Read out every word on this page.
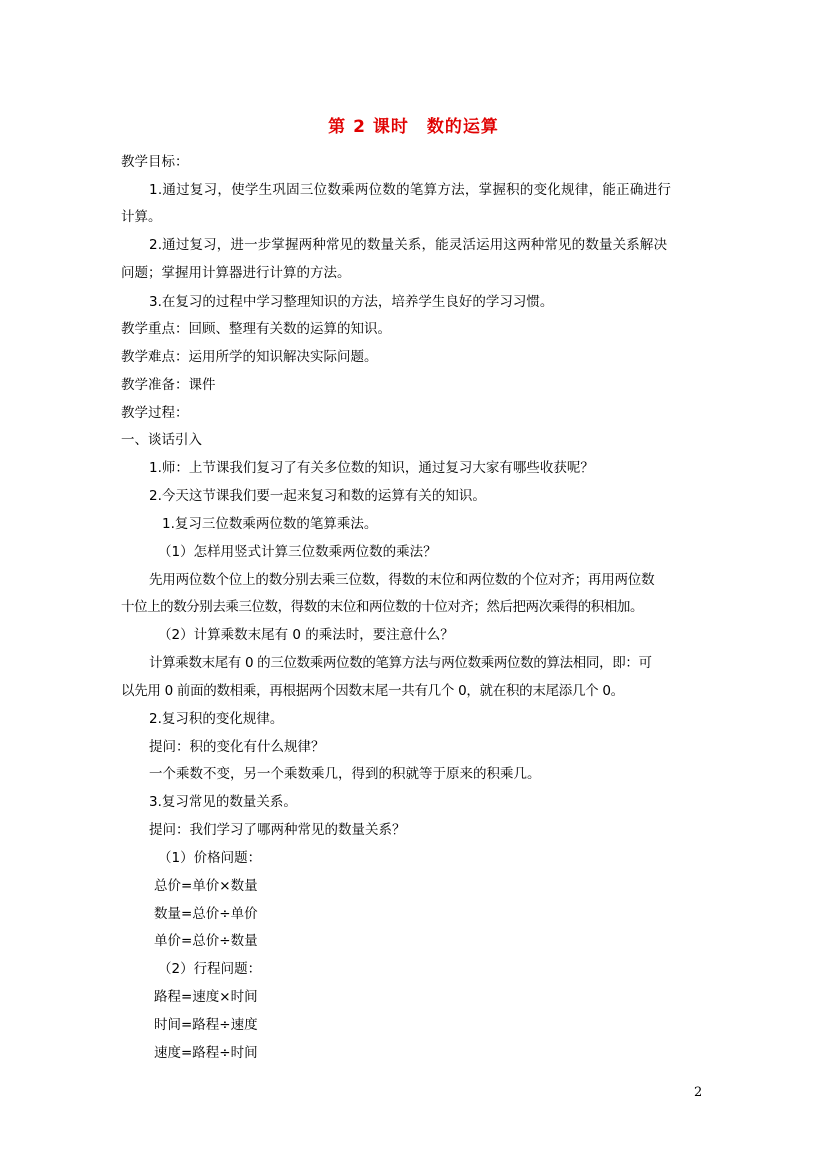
第 2 课时　数的运算
教学目标：
1.通过复习，使学生巩固三位数乘两位数的笔算方法，掌握积的变化规律，能正确进行
计算。
2.通过复习，进一步掌握两种常见的数量关系，能灵活运用这两种常见的数量关系解决
问题；掌握用计算器进行计算的方法。
3.在复习的过程中学习整理知识的方法，培养学生良好的学习习惯。
教学重点：回顾、整理有关数的运算的知识。
教学难点：运用所学的知识解决实际问题。
教学准备：课件
教学过程：
一、谈话引入
1.师：上节课我们复习了有关多位数的知识，通过复习大家有哪些收获呢？
2.今天这节课我们要一起来复习和数的运算有关的知识。
1.复习三位数乘两位数的笔算乘法。
（1）怎样用竖式计算三位数乘两位数的乘法？
先用两位数个位上的数分别去乘三位数，得数的末位和两位数的个位对齐；再用两位数
十位上的数分别去乘三位数，得数的末位和两位数的十位对齐；然后把两次乘得的积相加。
（2）计算乘数末尾有 0 的乘法时，要注意什么？
计算乘数末尾有 0 的三位数乘两位数的笔算方法与两位数乘两位数的算法相同，即：可
以先用 0 前面的数相乘，再根据两个因数末尾一共有几个 0，就在积的末尾添几个 0。
2.复习积的变化规律。
提问：积的变化有什么规律？
一个乘数不变，另一个乘数乘几，得到的积就等于原来的积乘几。
3.复习常见的数量关系。
提问：我们学习了哪两种常见的数量关系？
（1）价格问题：
总价=单价×数量
数量=总价÷单价
单价=总价÷数量
（2）行程问题：
路程=速度×时间
时间=路程÷速度
速度=路程÷时间
2
